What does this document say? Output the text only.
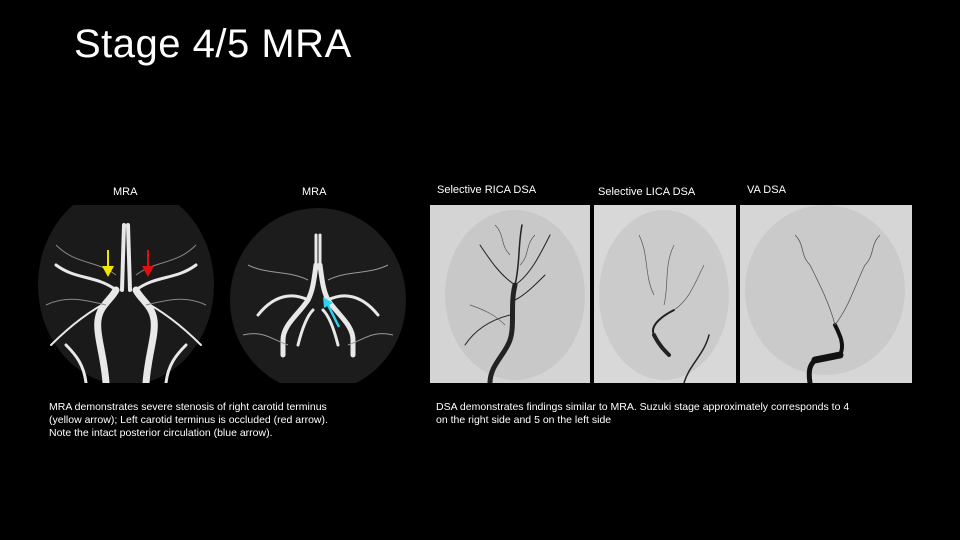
Stage 4/5 MRA
MRA	MRA	Selective RICA DSA	Selective LICA DSA	VA DSA
MRA demonstrates severe stenosis of right carotid terminus
(yellow arrow); Left carotid terminus is occluded (red arrow).
Note the intact posterior circulation (blue arrow).
DSA demonstrates findings similar to MRA. Suzuki stage approximately corresponds to 4
on the right side and 5 on the left side
